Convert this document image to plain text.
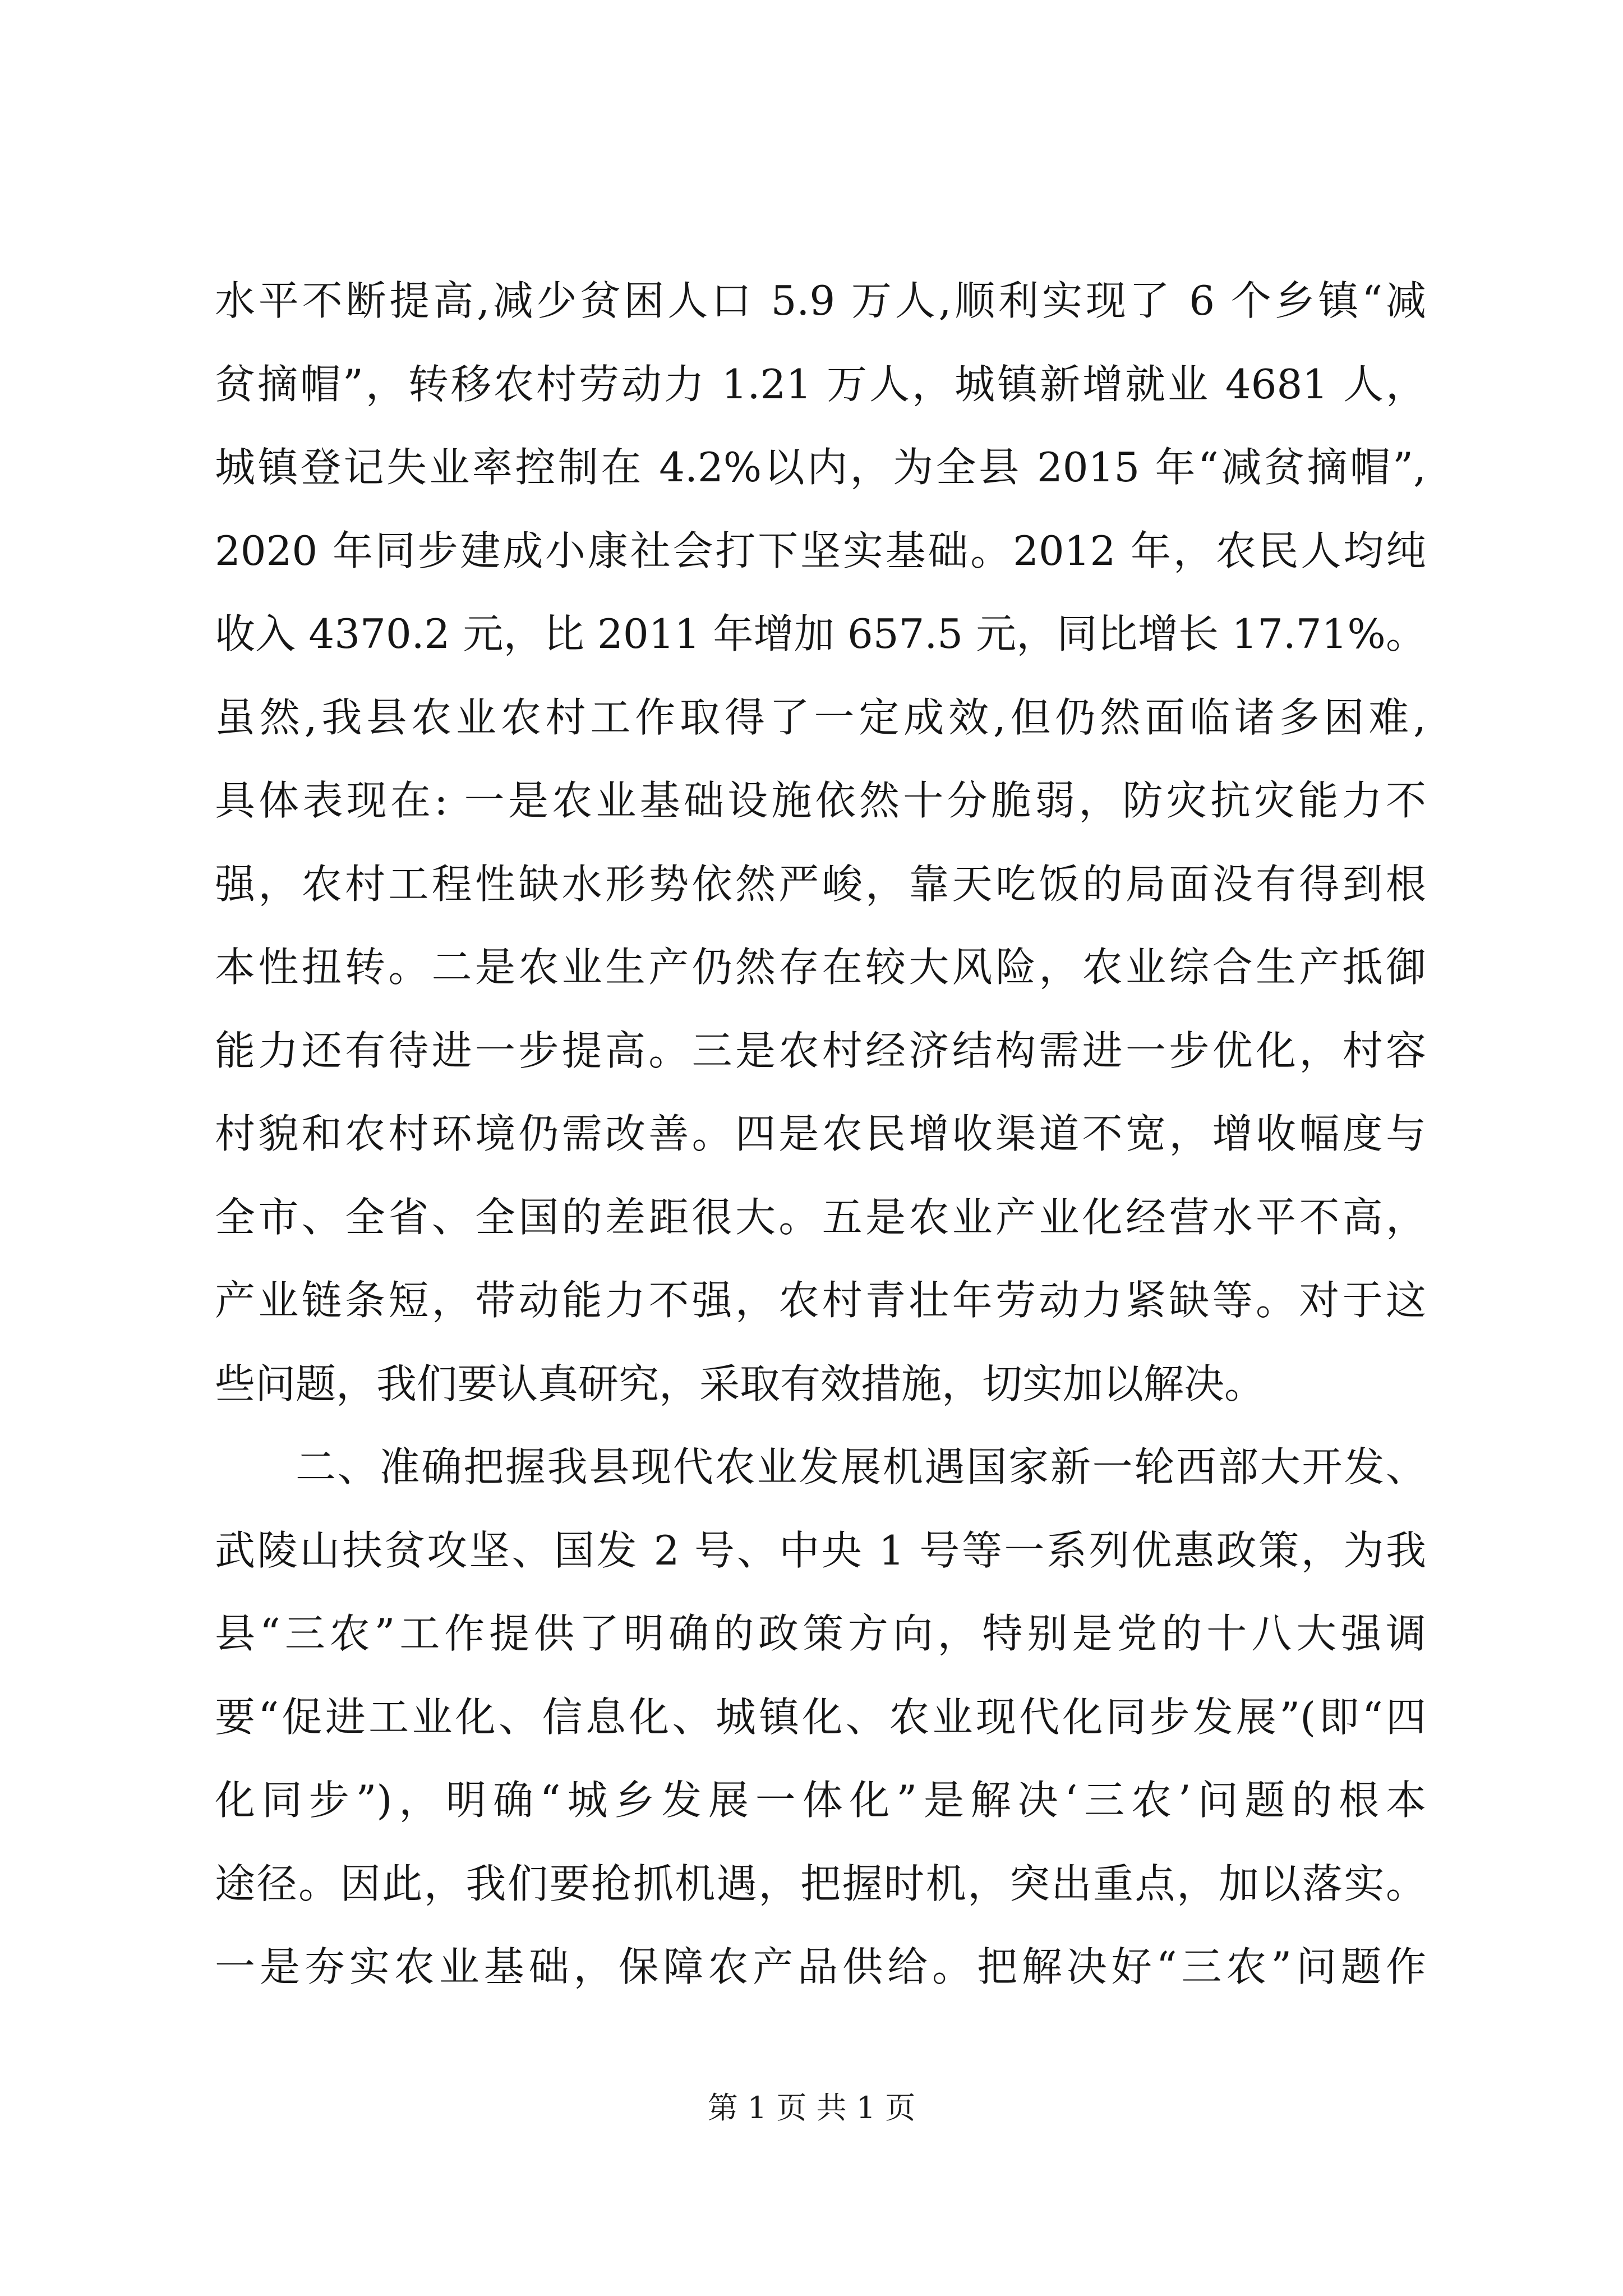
水平不断提高,减少贫困人口 5.9 万人,顺利实现了 6 个乡镇“减
贫摘帽”，转移农村劳动力 1.21 万人，城镇新增就业 4681 人，
城镇登记失业率控制在 4.2%以内，为全县 2015 年“减贫摘帽”,
2020 年同步建成小康社会打下坚实基础。2012 年，农民人均纯
收入 4370.2 元，比 2011 年增加 657.5 元，同比增长 17.71%。
虽然,我县农业农村工作取得了一定成效,但仍然面临诸多困难,
具体表现在: 一是农业基础设施依然十分脆弱，防灾抗灾能力不
强，农村工程性缺水形势依然严峻，靠天吃饭的局面没有得到根
本性扭转。二是农业生产仍然存在较大风险，农业综合生产抵御
能力还有待进一步提高。三是农村经济结构需进一步优化，村容
村貌和农村环境仍需改善。四是农民增收渠道不宽，增收幅度与
全市、全省、全国的差距很大。五是农业产业化经营水平不高，
产业链条短，带动能力不强，农村青壮年劳动力紧缺等。对于这
些问题，我们要认真研究，采取有效措施，切实加以解决。
二、准确把握我县现代农业发展机遇国家新一轮西部大开发、
武陵山扶贫攻坚、国发 2 号、中央 1 号等一系列优惠政策，为我
县“三农”工作提供了明确的政策方向，特别是党的十八大强调
要“促进工业化、信息化、城镇化、农业现代化同步发展”(即“四
化同步”)，明确“城乡发展一体化”是解决‘三农’问题的根本
途径。因此，我们要抢抓机遇，把握时机，突出重点，加以落实。
一是夯实农业基础，保障农产品供给。把解决好“三农”问题作
第 1 页 共 1 页
